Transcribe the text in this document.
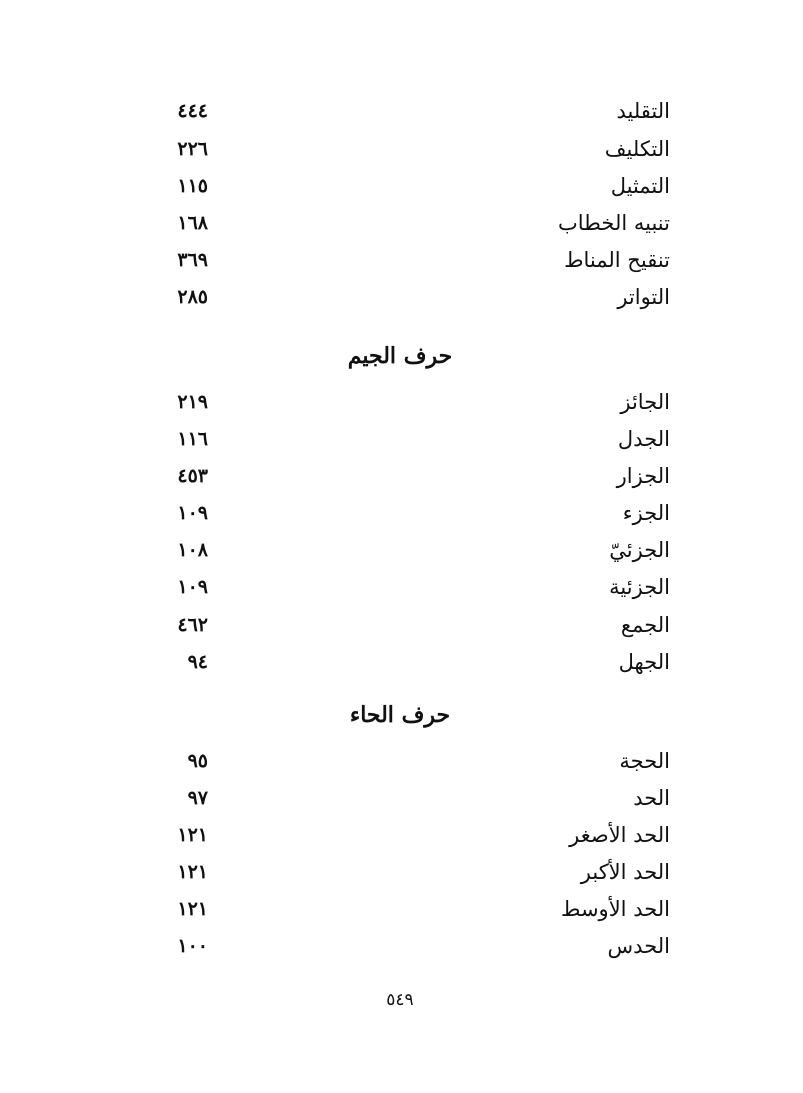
التقليد
٤٤٤
التكليف
٢٢٦
التمثيل
١١٥
تنبيه الخطاب
١٦٨
تنقيح المناط
٣٦٩
التواتر
٢٨٥
حرف الجيم
الجائز
٢١٩
الجدل
١١٦
الجزار
٤٥٣
الجزء
١٠٩
الجزئيّ
١٠٨
الجزئية
١٠٩
الجمع
٤٦٢
الجهل
٩٤
حرف الحاء
الحجة
٩٥
الحد
٩٧
الحد الأصغر
١٢١
الحد الأكبر
١٢١
الحد الأوسط
١٢١
الحدس
١٠٠
٥٤٩
